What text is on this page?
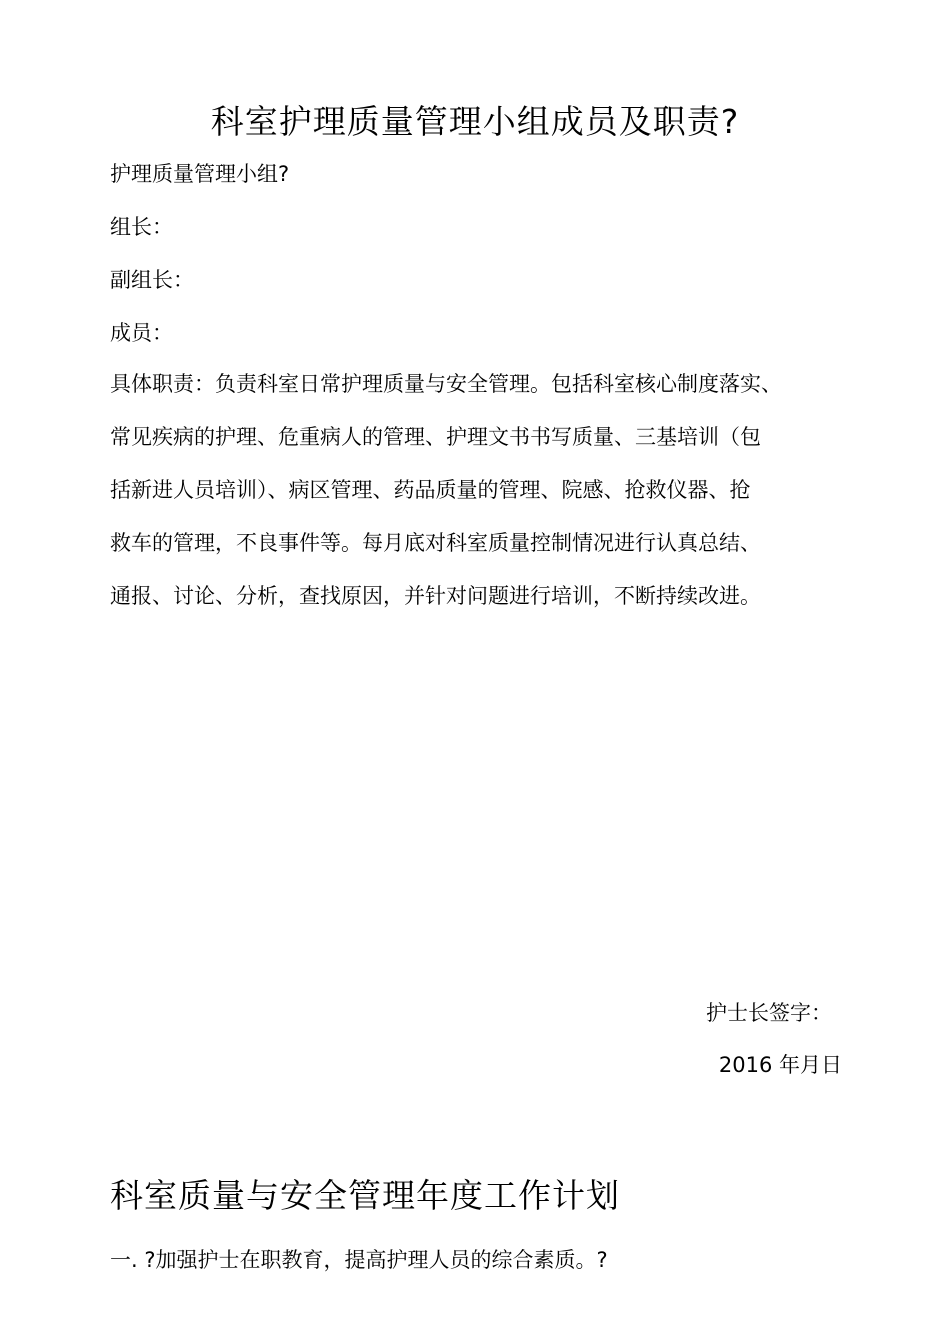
科室护理质量管理小组成员及职责?

护理质量管理小组?

组长：

副组长：

成员：

具体职责：负责科室日常护理质量与安全管理。包括科室核心制度落实、
常见疾病的护理、危重病人的管理、护理文书书写质量、三基培训（包
括新进人员培训）、病区管理、药品质量的管理、院感、抢救仪器、抢
救车的管理，不良事件等。每月底对科室质量控制情况进行认真总结、
通报、讨论、分析，查找原因，并针对问题进行培训，不断持续改进。

护士长签字：

2016 年月日

科室质量与安全管理年度工作计划

一. ?加强护士在职教育，提高护理人员的综合素质。?
